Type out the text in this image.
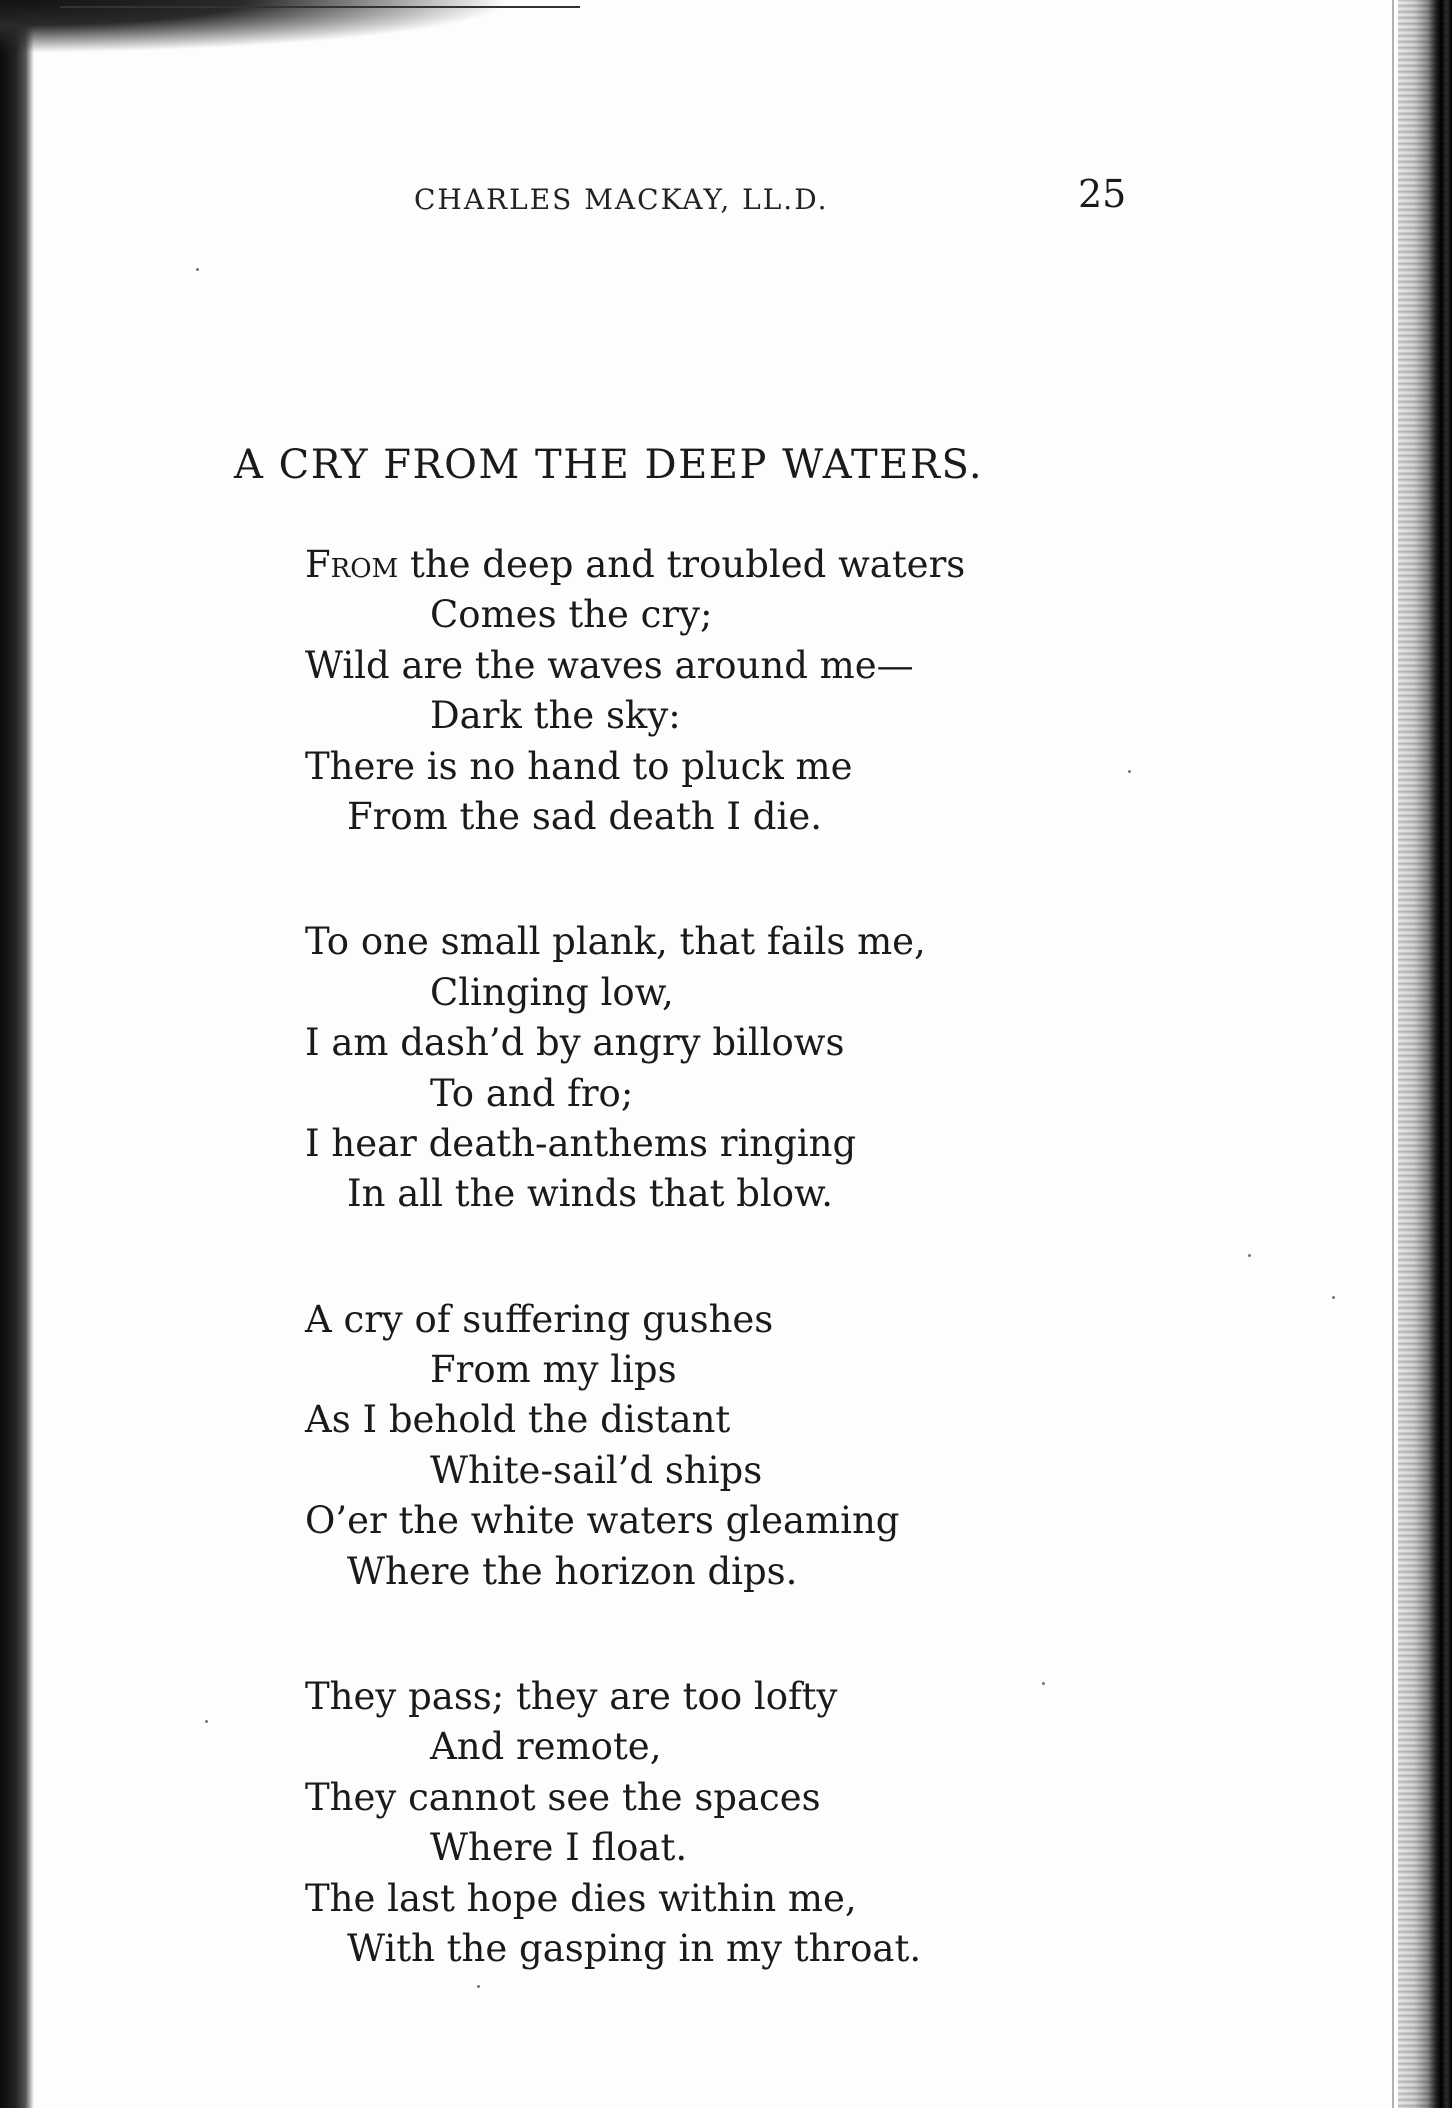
CHARLES MACKAY, LL.D.	25
A CRY FROM THE DEEP WATERS.
From the deep and troubled waters
Comes the cry;
Wild are the waves around me—
Dark the sky:
There is no hand to pluck me
From the sad death I die.
To one small plank, that fails me,
Clinging low,
I am dash’d by angry billows
To and fro;
I hear death-anthems ringing
In all the winds that blow.
A cry of suffering gushes
From my lips
As I behold the distant
White-sail’d ships
O’er the white waters gleaming
Where the horizon dips.
They pass; they are too lofty
And remote,
They cannot see the spaces
Where I float.
The last hope dies within me,
With the gasping in my throat.
